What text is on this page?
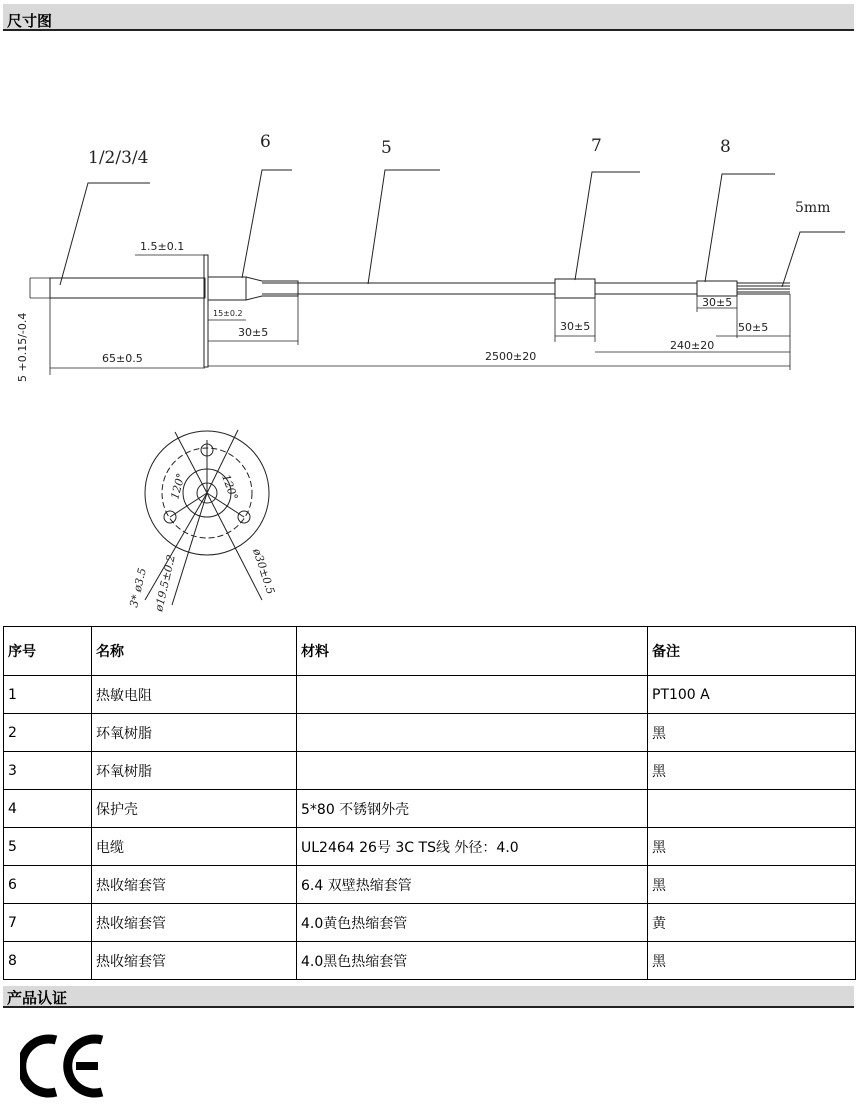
尺寸图
1/2/3/4
6	5	7	8
5mm
1.5±0.1
5 +0.15/-0.4	65±0.5
15±0.2
30±5
2500±20
30±5
30±5
240±20
50±5
120°	120°
3* ø3.5 ø19.5±0.2	ø30±0.5
序号	名称	材料	备注
1	热敏电阻		PT100 A
2	环氧树脂		黑
3	环氧树脂		黑
4	保护壳	5*80 不锈钢外壳	
5	电缆	UL2464 26号 3C TS线 外径：4.0	黑
6	热收缩套管	6.4 双壁热缩套管	黑
7	热收缩套管	4.0黄色热缩套管	黄
8	热收缩套管	4.0黑色热缩套管	黑
产品认证
